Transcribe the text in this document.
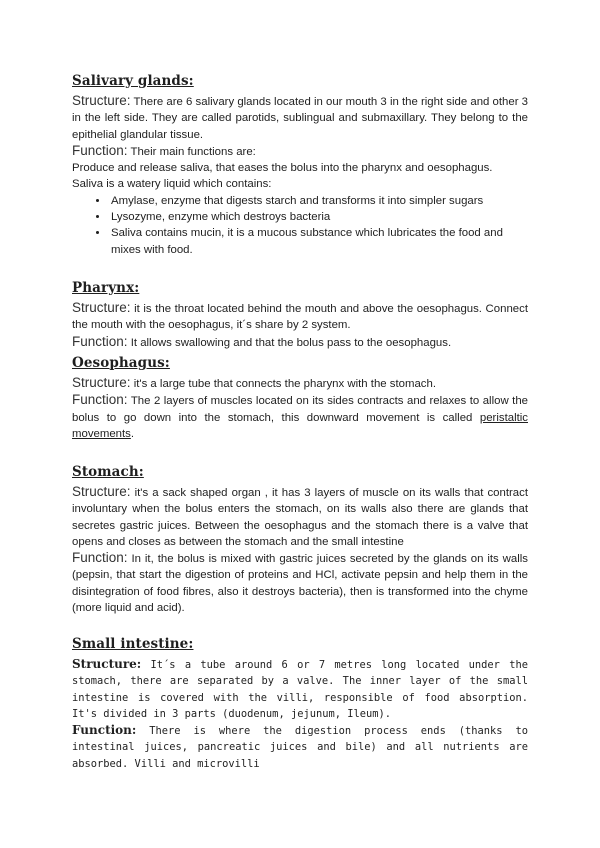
Salivary glands:

Structure: There are 6 salivary glands located in our mouth 3 in the right side and other 3 in the left side. They are called parotids, sublingual and submaxillary. They belong to the epithelial glandular tissue.

Function: Their main functions are:

Produce and release saliva, that eases the bolus into the pharynx and oesophagus.

Saliva is a watery liquid which contains:

• Amylase, enzyme that digests starch and transforms it into simpler sugars
• Lysozyme, enzyme which destroys bacteria
• Saliva contains mucin, it is a mucous substance which lubricates the food and mixes with food.
Pharynx:

Structure: it is the throat located behind the mouth and above the oesophagus. Connect the mouth with the oesophagus, it´s share by 2 system.

Function: It allows swallowing and that the bolus pass to the oesophagus.

Oesophagus:

Structure: it's a large tube that connects the pharynx with the stomach.

Function: The 2 layers of muscles located on its sides contracts and relaxes to allow the bolus to go down into the stomach, this downward movement is called peristaltic movements.

Stomach:

Structure: it's a sack shaped organ , it has 3 layers of muscle on its walls that contract involuntary when the bolus enters the stomach, on its walls also there are glands that secretes gastric juices. Between the oesophagus and the stomach there is a valve that opens and closes as between the stomach and the small intestine

Function: In it, the bolus is mixed with gastric juices secreted by the glands on its walls (pepsin, that start the digestion of proteins and HCl, activate pepsin and help them in the disintegration of food fibres, also it destroys bacteria), then is transformed into the chyme (more liquid and acid).

Small intestine:

Structure: It´s a tube around 6 or 7 metres long located under the stomach, there are separated by a valve. The inner layer of the small intestine is covered with the villi, responsible of food absorption. It's divided in 3 parts (duodenum, jejunum, Ileum).

Function: There is where the digestion process ends (thanks to intestinal juices, pancreatic juices and bile) and all nutrients are absorbed. Villi and microvilli
